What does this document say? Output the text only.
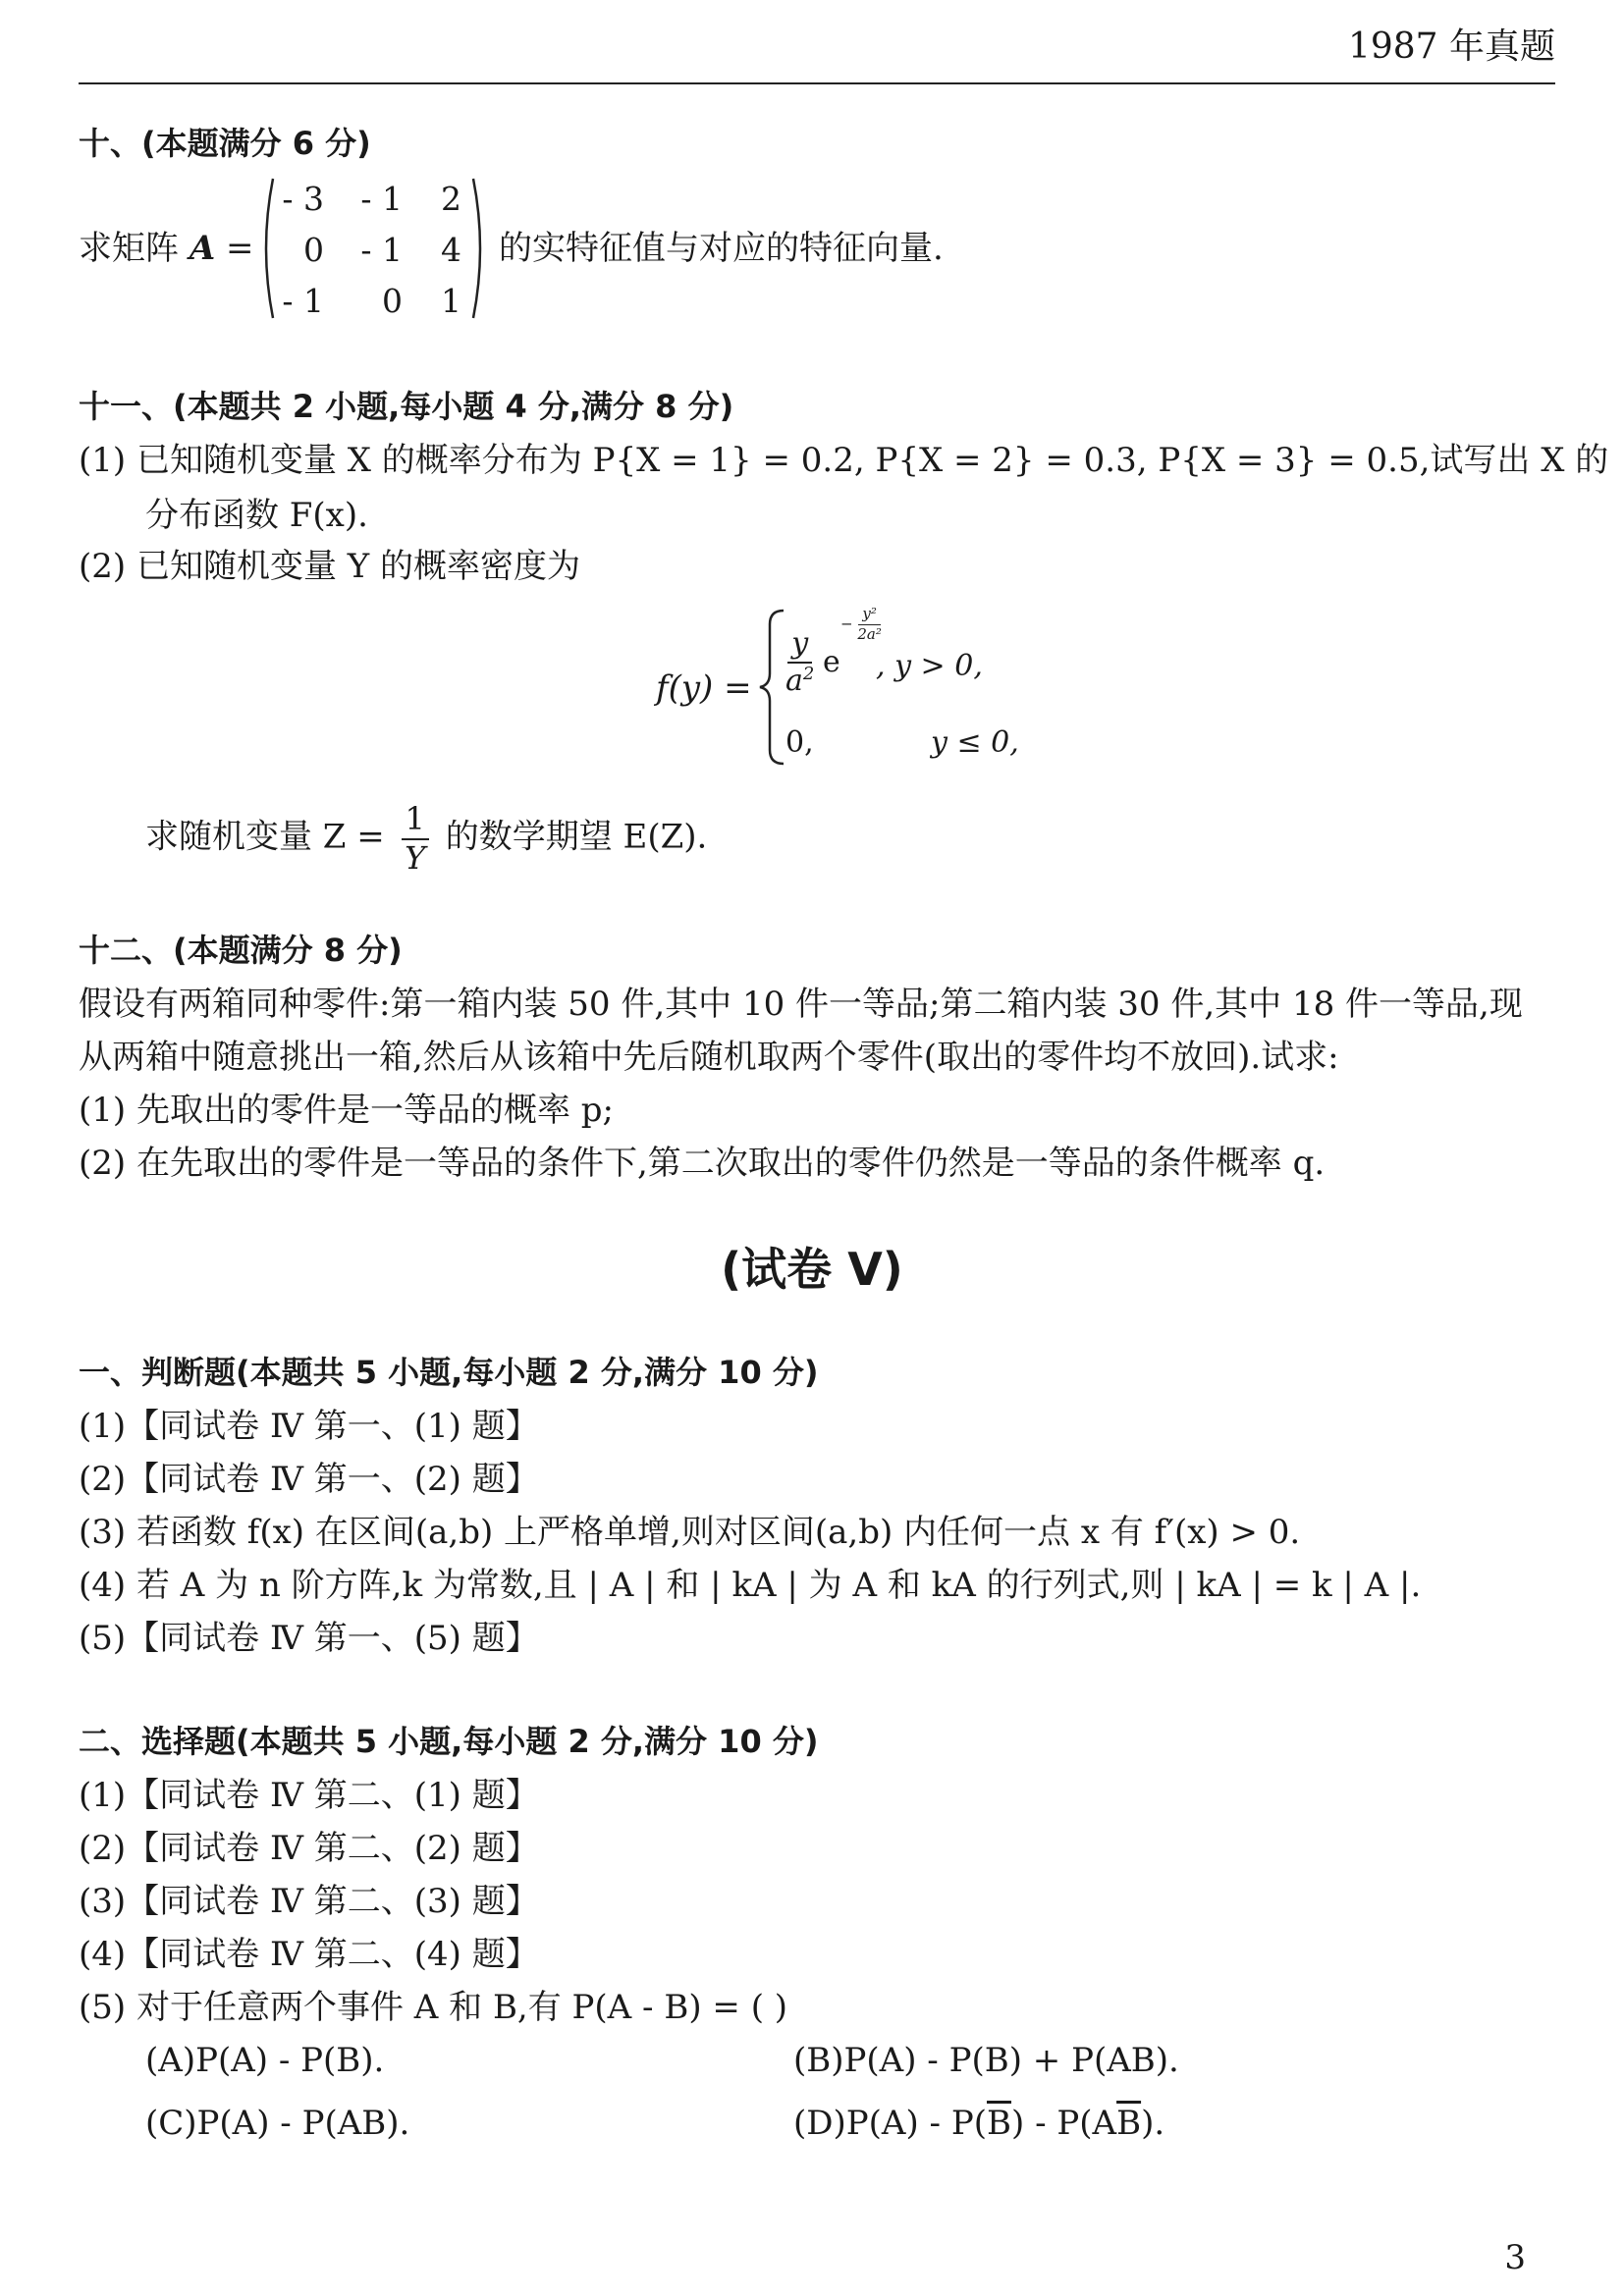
1987 年真题
十、(本题满分 6 分)
求矩阵 A =
- 3	- 1	2
0	- 1	4
- 1	0	1
的实特征值与对应的特征向量.
十一、(本题共 2 小题,每小题 4 分,满分 8 分)
(1) 已知随机变量 X 的概率分布为 P{X = 1} = 0.2, P{X = 2} = 0.3, P{X = 3} = 0.5,试写出 X 的
分布函数 F(x).
(2) 已知随机变量 Y 的概率密度为
$f(y) = \frac{y}{a^2}$ e
− $\frac{\text{y²}}{\text{2a²}}$
, y > 0,
0,	y ≤ 0,
求随机变量 $Z = \frac{1}{Y}$ 的数学期望 E(Z).
十二、(本题满分 8 分)
假设有两箱同种零件:第一箱内装 50 件,其中 10 件一等品;第二箱内装 30 件,其中 18 件一等品,现
从两箱中随意挑出一箱,然后从该箱中先后随机取两个零件(取出的零件均不放回).试求:
(1) 先取出的零件是一等品的概率 p;
(2) 在先取出的零件是一等品的条件下,第二次取出的零件仍然是一等品的条件概率 q.
(试卷 V)
一、判断题(本题共 5 小题,每小题 2 分,满分 10 分)
(1)【同试卷 Ⅳ 第一、(1) 题】
(2)【同试卷 Ⅳ 第一、(2) 题】
(3) 若函数 f(x) 在区间(a,b) 上严格单增,则对区间(a,b) 内任何一点 x 有 f′(x) > 0.
(4) 若 A 为 n 阶方阵,k 为常数,且 | A | 和 | kA | 为 A 和 kA 的行列式,则 | kA | = k | A |.
(5)【同试卷 Ⅳ 第一、(5) 题】
二、选择题(本题共 5 小题,每小题 2 分,满分 10 分)
(1)【同试卷 Ⅳ 第二、(1) 题】
(2)【同试卷 Ⅳ 第二、(2) 题】
(3)【同试卷 Ⅳ 第二、(3) 题】
(4)【同试卷 Ⅳ 第二、(4) 题】
(5) 对于任意两个事件 A 和 B,有 P(A - B) = ( )
(A)P(A) - P(B).	(B)P(A) - P(B) + P(AB).
(C)P(A) - P(AB).	$(D)P(A) - P(\overline{B}) - P(A\overline{B})$.
3
